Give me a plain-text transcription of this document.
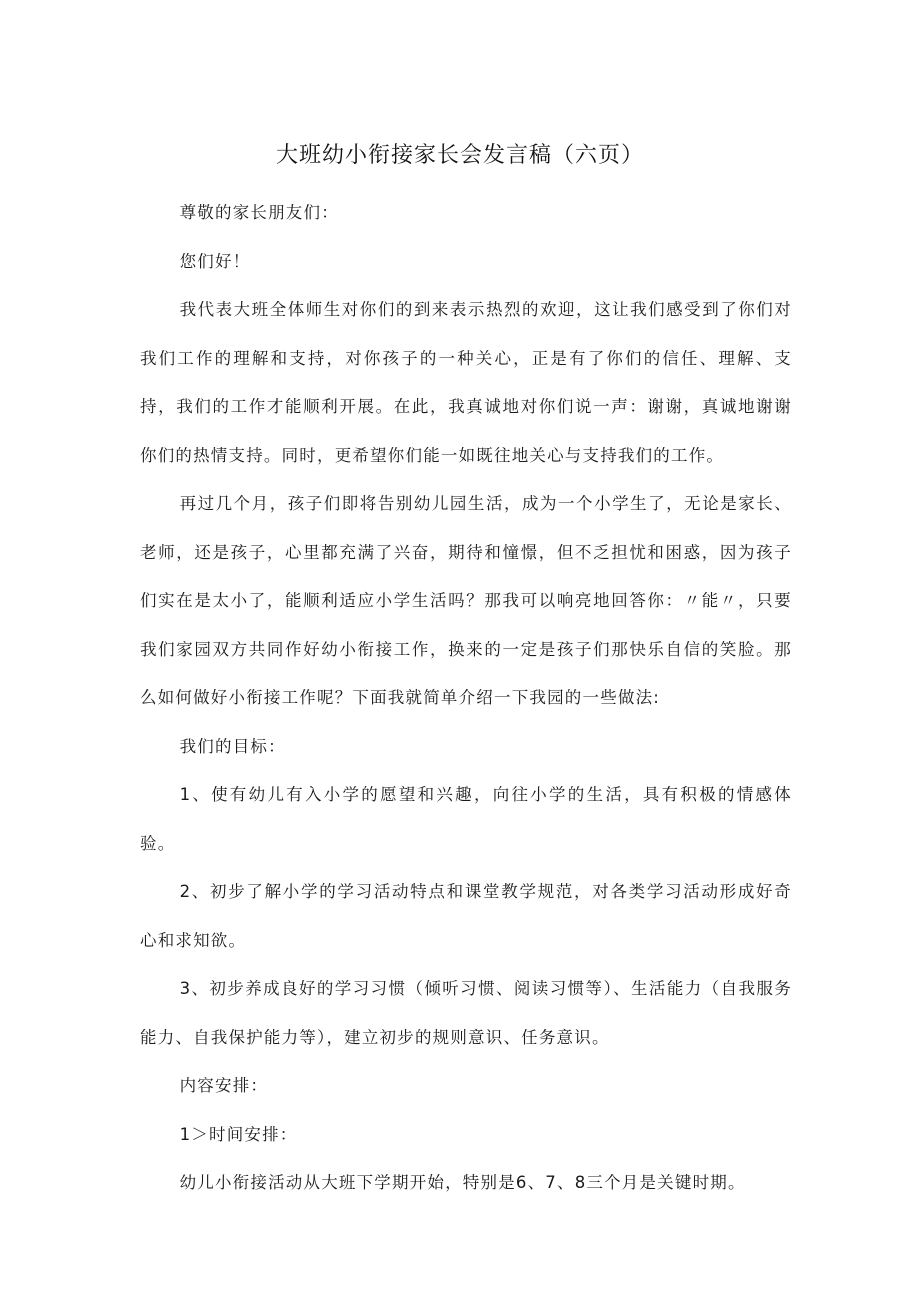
大班幼小衔接家长会发言稿（六页）

尊敬的家长朋友们：

您们好！

我代表大班全体师生对你们的到来表示热烈的欢迎，这让我们感受到了你们对我们工作的理解和支持，对你孩子的一种关心，正是有了你们的信任、理解、支持，我们的工作才能顺利开展。在此，我真诚地对你们说一声：谢谢，真诚地谢谢你们的热情支持。同时，更希望你们能一如既往地关心与支持我们的工作。

再过几个月，孩子们即将告别幼儿园生活，成为一个小学生了，无论是家长、老师，还是孩子，心里都充满了兴奋，期待和憧憬，但不乏担忧和困惑，因为孩子们实在是太小了，能顺利适应小学生活吗？那我可以响亮地回答你：〃能〃，只要我们家园双方共同作好幼小衔接工作，换来的一定是孩子们那快乐自信的笑脸。那么如何做好小衔接工作呢？下面我就简单介绍一下我园的一些做法:

我们的目标：

1、使有幼儿有入小学的愿望和兴趣，向往小学的生活，具有积极的情感体验。

2、初步了解小学的学习活动特点和课堂教学规范，对各类学习活动形成好奇心和求知欲。

3、初步养成良好的学习习惯（倾听习惯、阅读习惯等）、生活能力（自我服务能力、自我保护能力等），建立初步的规则意识、任务意识。

内容安排：

1＞时间安排：

幼儿小衔接活动从大班下学期开始，特别是6、7、8三个月是关键时期。
